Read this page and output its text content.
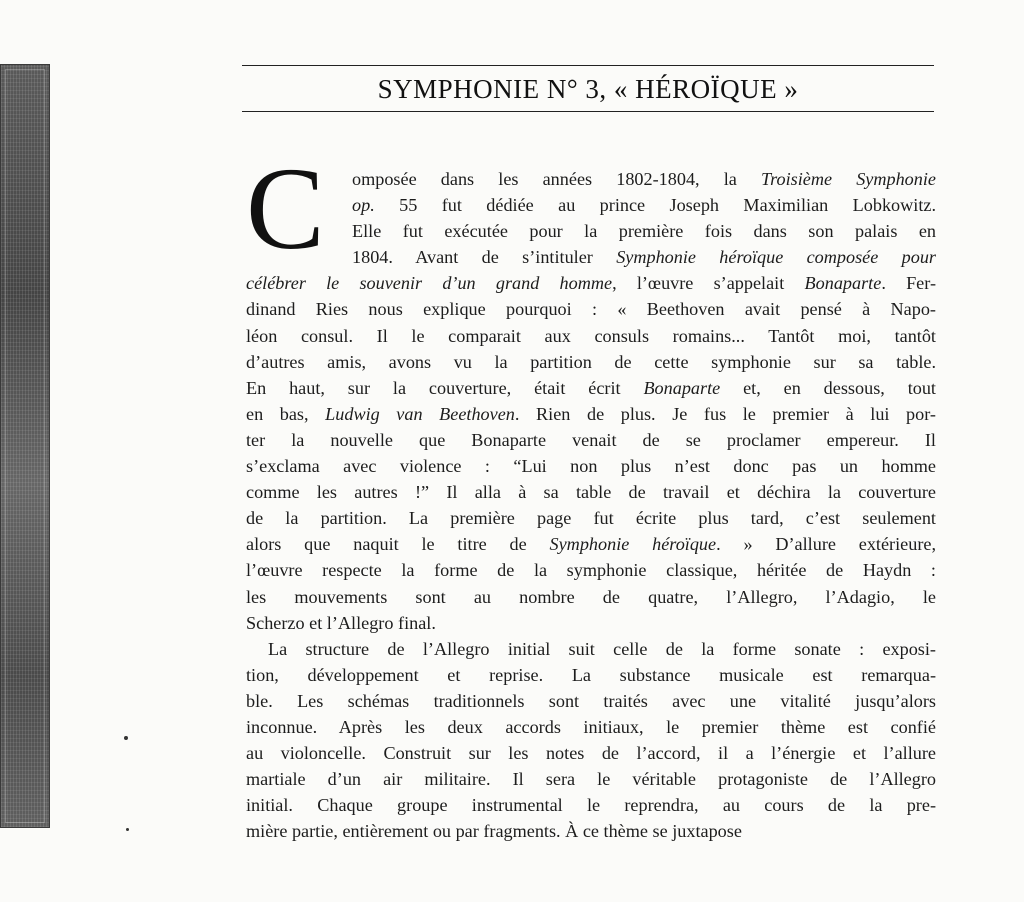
SYMPHONIE N° 3, « HÉROÏQUE »
C omposée dans les années 1802-1804, la Troisième Symphonie
op. 55 fut dédiée au prince Joseph Maximilian Lobkowitz.
Elle fut exécutée pour la première fois dans son palais en
1804. Avant de s’intituler Symphonie héroïque composée pour
célébrer le souvenir d’un grand homme, l’œuvre s’appelait Bonaparte. Fer-
dinand Ries nous explique pourquoi : « Beethoven avait pensé à Napo-
léon consul. Il le comparait aux consuls romains... Tantôt moi, tantôt
d’autres amis, avons vu la partition de cette symphonie sur sa table.
En haut, sur la couverture, était écrit Bonaparte et, en dessous, tout
en bas, Ludwig van Beethoven. Rien de plus. Je fus le premier à lui por-
ter la nouvelle que Bonaparte venait de se proclamer empereur. Il
s’exclama avec violence : “Lui non plus n’est donc pas un homme
comme les autres !” Il alla à sa table de travail et déchira la couverture
de la partition. La première page fut écrite plus tard, c’est seulement
alors que naquit le titre de Symphonie héroïque. » D’allure extérieure,
l’œuvre respecte la forme de la symphonie classique, héritée de Haydn :
les mouvements sont au nombre de quatre, l’Allegro, l’Adagio, le
Scherzo et l’Allegro final.
La structure de l’Allegro initial suit celle de la forme sonate : exposi-
tion, développement et reprise. La substance musicale est remarqua-
ble. Les schémas traditionnels sont traités avec une vitalité jusqu’alors
inconnue. Après les deux accords initiaux, le premier thème est confié
au violoncelle. Construit sur les notes de l’accord, il a l’énergie et l’allure
martiale d’un air militaire. Il sera le véritable protagoniste de l’Allegro
initial. Chaque groupe instrumental le reprendra, au cours de la pre-
mière partie, entièrement ou par fragments. À ce thème se juxtapose
